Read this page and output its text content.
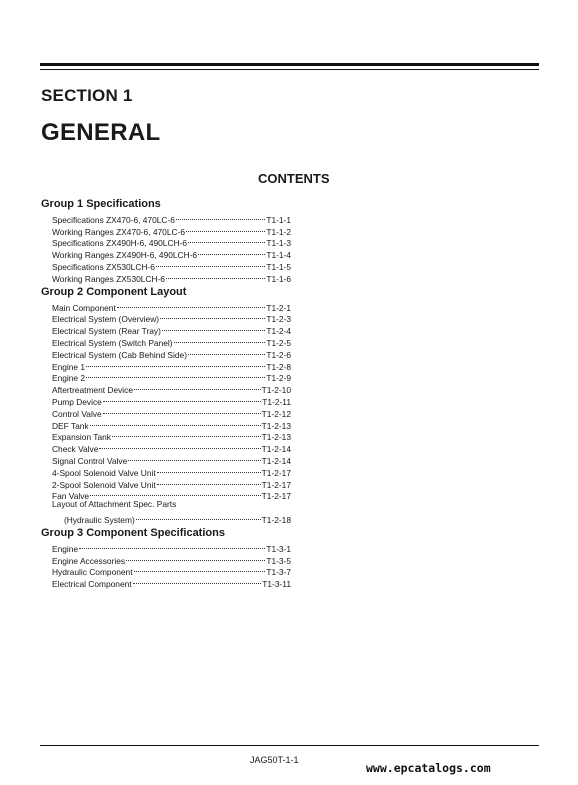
SECTION 1
GENERAL
CONTENTS
Group 1 Specifications
Specifications ZX470-6, 470LC-6	T1-1-1
Working Ranges ZX470-6, 470LC-6	T1-1-2
Specifications ZX490H-6, 490LCH-6	T1-1-3
Working Ranges ZX490H-6, 490LCH-6	T1-1-4
Specifications ZX530LCH-6	T1-1-5
Working Ranges ZX530LCH-6	T1-1-6
Group 2 Component Layout
Main Component	T1-2-1
Electrical System (Overview)	T1-2-3
Electrical System (Rear Tray)	T1-2-4
Electrical System (Switch Panel)	T1-2-5
Electrical System (Cab Behind Side)	T1-2-6
Engine 1	T1-2-8
Engine 2	T1-2-9
Aftertreatment Device	T1-2-10
Pump Device	T1-2-11
Control Valve	T1-2-12
DEF Tank	T1-2-13
Expansion Tank	T1-2-13
Check Valve	T1-2-14
Signal Control Valve	T1-2-14
4-Spool Solenoid Valve Unit	T1-2-17
2-Spool Solenoid Valve Unit	T1-2-17
Fan Valve	T1-2-17
Layout of Attachment Spec. Parts
(Hydraulic System)	T1-2-18
Group 3 Component Specifications
Engine	T1-3-1
Engine Accessories	T1-3-5
Hydraulic Component	T1-3-7
Electrical Component	T1-3-11
JAG50T-1-1
www.epcatalogs.com
